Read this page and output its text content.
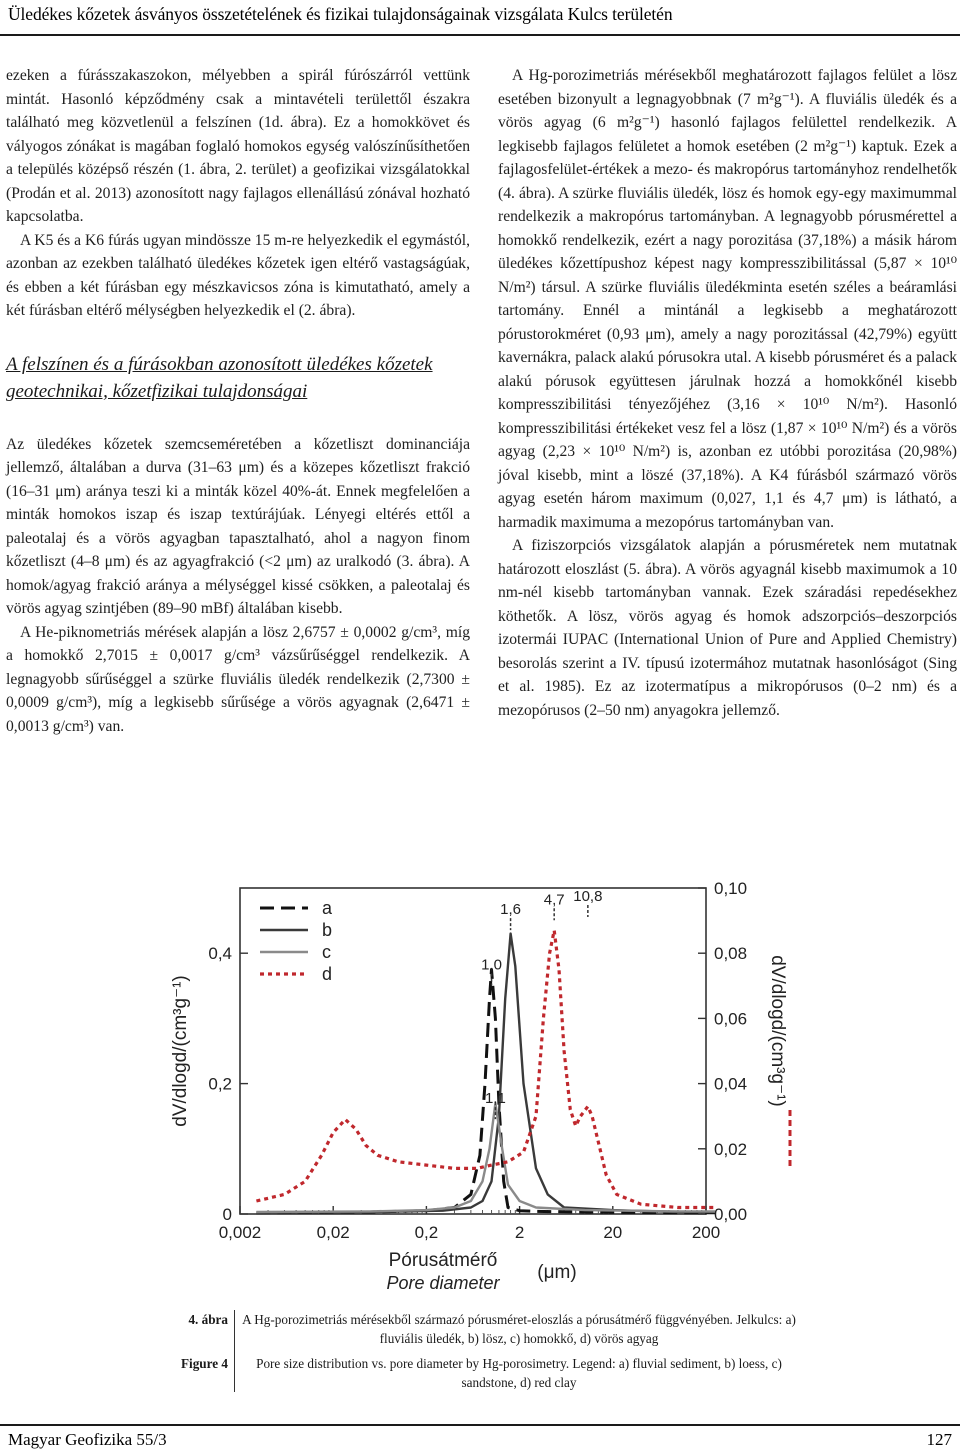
Üledékes kőzetek ásványos összetételének és fizikai tulajdonságainak vizsgálata Kulcs területén

ezeken a fúrásszakaszokon, mélyebben a spirál fúrószárról vettünk mintát. Hasonló képződmény csak a mintavételi területtől északra található meg közvetlenül a felszínen (1d. ábra). Ez a homokkövet és vályogos zónákat is magában foglaló homokos egység valószínűsíthetően a település középső részén (1. ábra, 2. terület) a geofizikai vizsgálatokkal (Prodán et al. 2013) azonosított nagy fajlagos ellenállású zónával hozható kapcsolatba.

A K5 és a K6 fúrás ugyan mindössze 15 m-re helyezkedik el egymástól, azonban az ezekben található üledékes kőzetek igen eltérő vastagságúak, és ebben a két fúrásban egy mészkavicsos zóna is kimutatható, amely a két fúrásban eltérő mélységben helyezkedik el (2. ábra).

A felszínen és a fúrásokban azonosított üledékes kőzetek geotechnikai, kőzetfizikai tulajdonságai

Az üledékes kőzetek szemcseméretében a kőzetliszt dominanciája jellemző, általában a durva (31–63 μm) és a közepes kőzetliszt frakció (16–31 μm) aránya teszi ki a minták közel 40%-át. Ennek megfelelően a minták homokos iszap és iszap textúrájúak. Lényegi eltérés ettől a paleotalaj és a vörös agyagban tapasztalható, ahol a nagyon finom kőzetliszt (4–8 μm) és az agyagfrakció (<2 μm) az uralkodó (3. ábra). A homok/agyag frakció aránya a mélységgel kissé csökken, a paleotalaj és vörös agyag szintjében (89–90 mBf) általában kisebb.

A He-piknometriás mérések alapján a lösz 2,6757 ± 0,0002 g/cm³, míg a homokkő 2,7015 ± 0,0017 g/cm³ vázsűrűséggel rendelkezik. A legnagyobb sűrűséggel a szürke fluviális üledék rendelkezik (2,7300 ± 0,0009 g/cm³), míg a legkisebb sűrűsége a vörös agyagnak (2,6471 ± 0,0013 g/cm³) van.

A Hg-porozimetriás mérésekből meghatározott fajlagos felület a lösz esetében bizonyult a legnagyobbnak (7 m²g⁻¹). A fluviális üledék és a vörös agyag (6 m²g⁻¹) hasonló fajlagos felülettel rendelkezik. A legkisebb fajlagos felületet a homok esetében (2 m²g⁻¹) kaptuk. Ezek a fajlagosfelület-értékek a mezo- és makropórus tartományhoz rendelhetők (4. ábra). A szürke fluviális üledék, lösz és homok egy-egy maximummal rendelkezik a makropórus tartományban. A legnagyobb pórusmérettel a homokkő rendelkezik, ezért a nagy porozitása (37,18%) a másik három üledékes kőzettípushoz képest nagy kompresszibilitással (5,87 × 10¹⁰ N/m²) társul. A szürke fluviális üledékminta esetén széles a beáramlási tartomány. Ennél a mintánál a legkisebb a meghatározott pórustorokméret (0,93 μm), amely a nagy porozitással (42,79%) együtt kavernákra, palack alakú pórusokra utal. A kisebb pórusméret és a palack alakú pórusok együttesen járulnak hozzá a homokkőnél kisebb kompresszibilitási tényezőjéhez (3,16 × 10¹⁰ N/m²). Hasonló kompresszibilitási értékeket vesz fel a lösz (1,87 × 10¹⁰ N/m²) és a vörös agyag (2,23 × 10¹⁰ N/m²) is, azonban ez utóbbi porozitása (20,98%) jóval kisebb, mint a löszé (37,18%). A K4 fúrásból származó vörös agyag esetén három maximum (0,027, 1,1 és 4,7 μm) is látható, a harmadik maximuma a mezopórus tartományban van.

A fiziszorpciós vizsgálatok alapján a pórusméretek nem mutatnak határozott eloszlást (5. ábra). A vörös agyagnál kisebb maximumok a 10 nm-nél kisebb tartományban vannak. Ezek száradási repedésekhez köthetők. A lösz, vörös agyag és homok adszorpciós–deszorpciós izotermái IUPAC (International Union of Pure and Applied Chemistry) besorolás szerint a IV. típusú izotermához mutatnak hasonlóságot (Sing et al. 1985). Ez az izotermatípus a mikropórusos (0–2 nm) és a mezopórusos (2–50 nm) anyagokra jellemző.

0,002	0,02	0,2	2	20	200
0
0,2
0,4
0,00
0,02
0,04
0,06
0,08
0,10
dV/dlogd/(cm³g⁻¹)	dV/dlogd/(cm³g⁻¹)
Pórusátmérő
Pore diameter (μm)
a
b
c
d
1,6
1,0
1,1
4,7 10,8
4. ábra	A Hg-porozimetriás mérésekből származó pórusméret-eloszlás a pórusátmérő függvényében. Jelkulcs: a) fluviális üledék, b) lösz, c) homokkő, d) vörös agyag
Figure 4	Pore size distribution vs. pore diameter by Hg-porosimetry. Legend: a) fluvial sediment, b) loess, c) sandstone, d) red clay
Magyar Geofizika 55/3	127
